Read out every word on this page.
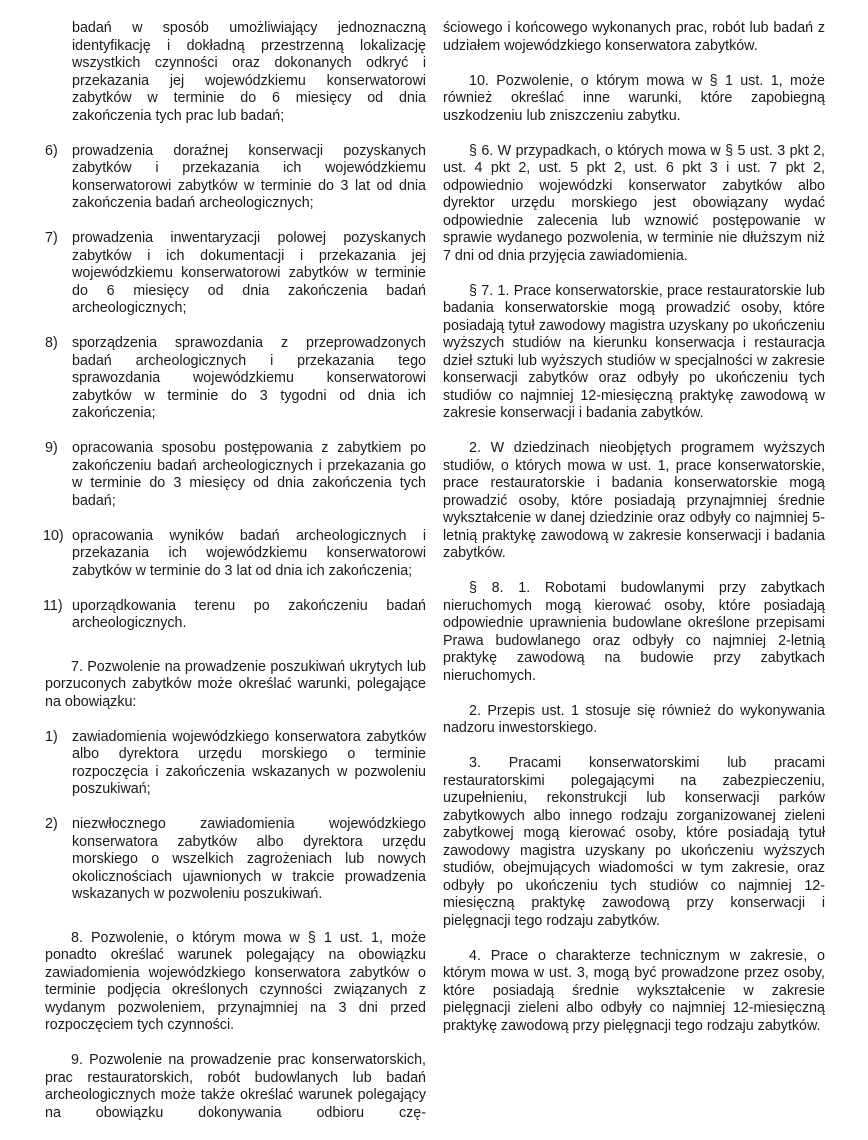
badań w sposób umożliwiający jednoznaczną identyfikację i dokładną przestrzenną lokalizację wszystkich czynności oraz dokonanych odkryć i przekazania jej wojewódzkiemu konserwatorowi zabytków w terminie do 6 miesięcy od dnia zakończenia tych prac lub badań;

6) prowadzenia doraźnej konserwacji pozyskanych zabytków i przekazania ich wojewódzkiemu konserwatorowi zabytków w terminie do 3 lat od dnia zakończenia badań archeologicznych;
7) prowadzenia inwentaryzacji polowej pozyskanych zabytków i ich dokumentacji i przekazania jej wojewódzkiemu konserwatorowi zabytków w terminie do 6 miesięcy od dnia zakończenia badań archeologicznych;
8) sporządzenia sprawozdania z przeprowadzonych badań archeologicznych i przekazania tego sprawozdania wojewódzkiemu konserwatorowi zabytków w terminie do 3 tygodni od dnia ich zakończenia;
9) opracowania sposobu postępowania z zabytkiem po zakończeniu badań archeologicznych i przekazania go w terminie do 3 miesięcy od dnia zakończenia tych badań;
10) opracowania wyników badań archeologicznych i przekazania ich wojewódzkiemu konserwatorowi zabytków w terminie do 3 lat od dnia ich zakończenia;
11) uporządkowania terenu po zakończeniu badań archeologicznych.

7. Pozwolenie na prowadzenie poszukiwań ukrytych lub porzuconych zabytków może określać warunki, polegające na obowiązku:

1) zawiadomienia wojewódzkiego konserwatora zabytków albo dyrektora urzędu morskiego o terminie rozpoczęcia i zakończenia wskazanych w pozwoleniu poszukiwań;
2) niezwłocznego zawiadomienia wojewódzkiego konserwatora zabytków albo dyrektora urzędu morskiego o wszelkich zagrożeniach lub nowych okolicznościach ujawnionych w trakcie prowadzenia wskazanych w pozwoleniu poszukiwań.

8. Pozwolenie, o którym mowa w § 1 ust. 1, może ponadto określać warunek polegający na obowiązku zawiadomienia wojewódzkiego konserwatora zabytków o terminie podjęcia określonych czynności związanych z wydanym pozwoleniem, przynajmniej na 3 dni przed rozpoczęciem tych czynności.

9. Pozwolenie na prowadzenie prac konserwatorskich, prac restauratorskich, robót budowlanych lub badań archeologicznych może także określać warunek polegający na obowiązku dokonywania odbioru czę-

ściowego i końcowego wykonanych prac, robót lub badań z udziałem wojewódzkiego konserwatora zabytków.

10. Pozwolenie, o którym mowa w § 1 ust. 1, może również określać inne warunki, które zapobiegną uszkodzeniu lub zniszczeniu zabytku.

§ 6. W przypadkach, o których mowa w § 5 ust. 3 pkt 2, ust. 4 pkt 2, ust. 5 pkt 2, ust. 6 pkt 3 i ust. 7 pkt 2, odpowiednio wojewódzki konserwator zabytków albo dyrektor urzędu morskiego jest obowiązany wydać odpowiednie zalecenia lub wznowić postępowanie w sprawie wydanego pozwolenia, w terminie nie dłuższym niż 7 dni od dnia przyjęcia zawiadomienia.

§ 7. 1. Prace konserwatorskie, prace restauratorskie lub badania konserwatorskie mogą prowadzić osoby, które posiadają tytuł zawodowy magistra uzyskany po ukończeniu wyższych studiów na kierunku konserwacja i restauracja dzieł sztuki lub wyższych studiów w specjalności w zakresie konserwacji zabytków oraz odbyły po ukończeniu tych studiów co najmniej 12-miesięczną praktykę zawodową w zakresie konserwacji i badania zabytków.

2. W dziedzinach nieobjętych programem wyższych studiów, o których mowa w ust. 1, prace konserwatorskie, prace restauratorskie i badania konserwatorskie mogą prowadzić osoby, które posiadają przynajmniej średnie wykształcenie w danej dziedzinie oraz odbyły co najmniej 5-letnią praktykę zawodową w zakresie konserwacji i badania zabytków.

§ 8. 1. Robotami budowlanymi przy zabytkach nieruchomych mogą kierować osoby, które posiadają odpowiednie uprawnienia budowlane określone przepisami Prawa budowlanego oraz odbyły co najmniej 2-letnią praktykę zawodową na budowie przy zabytkach nieruchomych.

2. Przepis ust. 1 stosuje się również do wykonywania nadzoru inwestorskiego.

3. Pracami konserwatorskimi lub pracami restauratorskimi polegającymi na zabezpieczeniu, uzupełnieniu, rekonstrukcji lub konserwacji parków zabytkowych albo innego rodzaju zorganizowanej zieleni zabytkowej mogą kierować osoby, które posiadają tytuł zawodowy magistra uzyskany po ukończeniu wyższych studiów, obejmujących wiadomości w tym zakresie, oraz odbyły po ukończeniu tych studiów co najmniej 12-miesięczną praktykę zawodową przy konserwacji i pielęgnacji tego rodzaju zabytków.

4. Prace o charakterze technicznym w zakresie, o którym mowa w ust. 3, mogą być prowadzone przez osoby, które posiadają średnie wykształcenie w zakresie pielęgnacji zieleni albo odbyły co najmniej 12-miesięczną praktykę zawodową przy pielęgnacji tego rodzaju zabytków.
